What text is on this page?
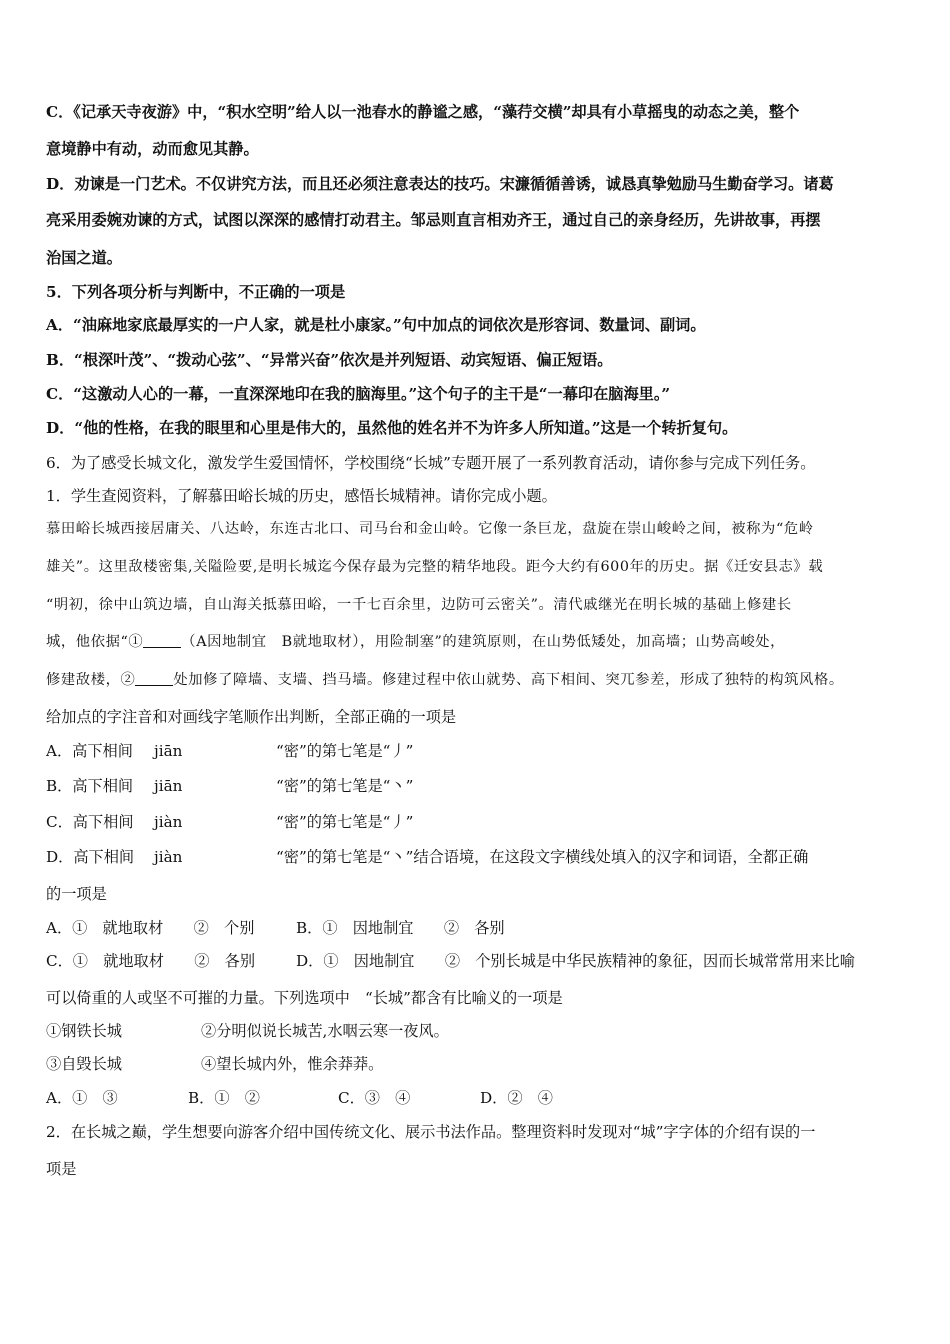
C．《记承天寺夜游》中，“积水空明”给人以一池春水的静谧之感，“藻荇交横”却具有小草摇曳的动态之美，整个
意境静中有动，动而愈见其静。
D．劝谏是一门艺术。不仅讲究方法，而且还必须注意表达的技巧。宋濂循循善诱，诚恳真挚勉励马生勤奋学习。诸葛
亮采用委婉劝谏的方式，试图以深深的感情打动君主。邹忌则直言相劝齐王，通过自己的亲身经历，先讲故事，再摆
治国之道。
5．下列各项分析与判断中，不正确的一项是
A．“油麻地家底最厚实的一户人家，就是杜小康家。”句中加点的词依次是形容词、数量词、副词。
B．“根深叶茂”、“拨动心弦”、“异常兴奋”依次是并列短语、动宾短语、偏正短语。
C．“这激动人心的一幕，一直深深地印在我的脑海里。”这个句子的主干是“一幕印在脑海里。”
D．“他的性格，在我的眼里和心里是伟大的，虽然他的姓名并不为许多人所知道。”这是一个转折复句。
6．为了感受长城文化，激发学生爱国情怀，学校围绕“长城”专题开展了一系列教育活动，请你参与完成下列任务。
1．学生查阅资料，了解慕田峪长城的历史，感悟长城精神。请你完成小题。
慕田峪长城西接居庸关、八达岭，东连古北口、司马台和金山岭。它像一条巨龙，盘旋在崇山峻岭之间，被称为“危岭
雄关”。这里敌楼密集,关隘险要,是明长城迄今保存最为完整的精华地段。距今大约有600年的历史。据《迁安县志》载
“明初，徐中山筑边墙，自山海关抵慕田峪，一千七百余里，边防可云密关”。清代戚继光在明长城的基础上修建长
城，他依据“①	（A因地制宜　B就地取材），用险制塞”的建筑原则，在山势低矮处，加高墙；山势高峻处，
修建敌楼，②	处加修了障墙、支墙、挡马墙。修建过程中依山就势、高下相间、突兀参差，形成了独特的构筑风格。
给加点的字注音和对画线字笔顺作出判断，全部正确的一项是
A．高下相间 jiān	“密”的第七笔是“丿”
B．高下相间 jiān	“密”的第七笔是“丶”
C．高下相间 jiàn	“密”的第七笔是“丿”
D．高下相间 jiàn	“密”的第七笔是“丶”结合语境，在这段文字横线处填入的汉字和词语，全都正确
的一项是
A．①　就地取材　　②　个别	B．①　因地制宜　　②　各别
C．①　就地取材　　②　各别	D．①　因地制宜　　②　个别长城是中华民族精神的象征，因而长城常常用来比喻
可以倚重的人或坚不可摧的力量。下列选项中　“长城”都含有比喻义的一项是
①钢铁长城	②分明似说长城苦,水咽云寒一夜风。
③自毁长城	④望长城内外，惟余莽莽。
A．①　③	B．①　②	C．③　④	D．②　④
2．在长城之巅，学生想要向游客介绍中国传统文化、展示书法作品。整理资料时发现对“城”字字体的介绍有误的一
项是
